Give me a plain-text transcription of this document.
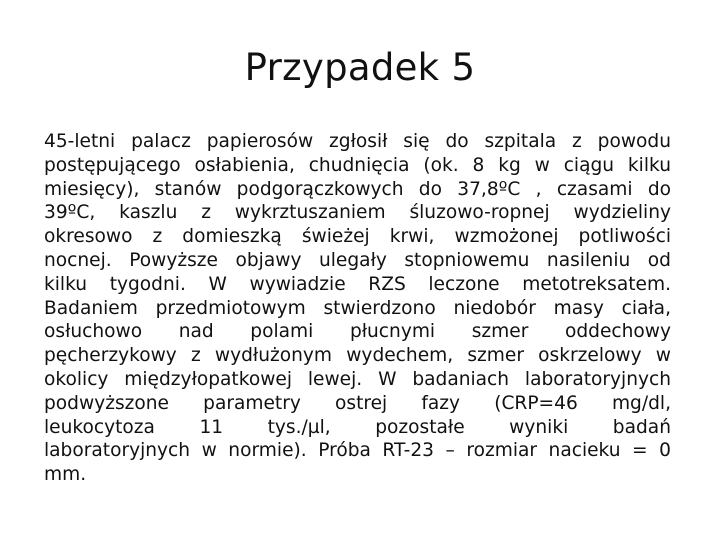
Przypadek 5
45-letni palacz papierosów zgłosił się do szpitala z powodu
postępującego osłabienia, chudnięcia (ok. 8 kg w ciągu kilku
miesięcy), stanów podgorączkowych do 37,8ºC , czasami do
39ºC, kaszlu z wykrztuszaniem śluzowo-ropnej wydzieliny
okresowo z domieszką świeżej krwi, wzmożonej potliwości
nocnej. Powyższe objawy ulegały stopniowemu nasileniu od
kilku tygodni. W wywiadzie RZS leczone metotreksatem.
Badaniem przedmiotowym stwierdzono niedobór masy ciała,
osłuchowo nad polami płucnymi szmer oddechowy
pęcherzykowy z wydłużonym wydechem, szmer oskrzelowy w
okolicy międzyłopatkowej lewej. W badaniach laboratoryjnych
podwyższone parametry ostrej fazy (CRP=46 mg/dl,
leukocytoza 11 tys./µl, pozostałe wyniki badań
laboratoryjnych w normie). Próba RT-23 – rozmiar nacieku = 0
mm.
